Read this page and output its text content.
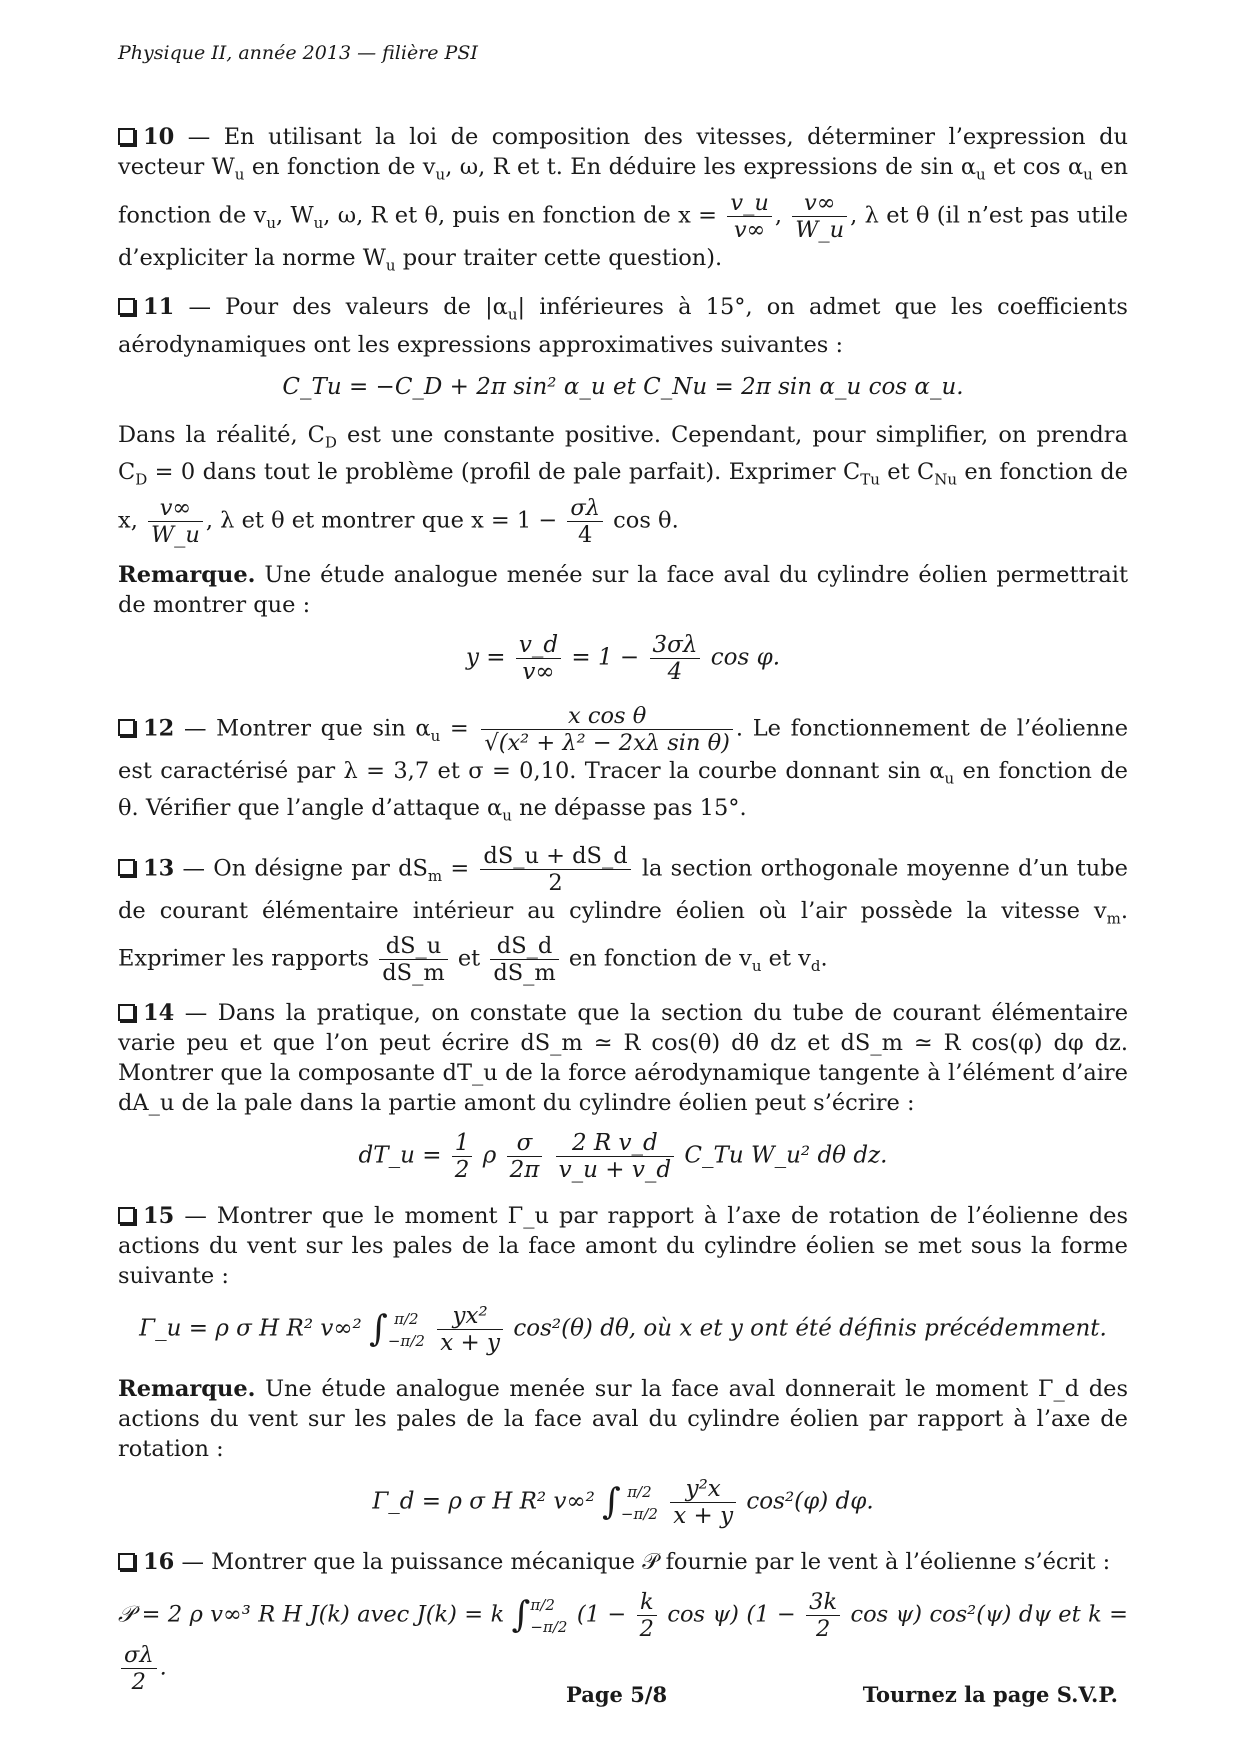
Physique II, année 2013 — filière PSI
10 — En utilisant la loi de composition des vitesses, déterminer l’expression du vecteur $W_u$ en fonction de $v_u$, ω, R et t. En déduire les expressions de $\sin \alpha_u$ et $\cos \alpha_u$ en fonction de $v_u$, $W_u$, ω, R et θ, puis en fonction de $x = \frac{v\_u}{v\infty}$ , $\frac{v\infty}{W\_u}$ , λ et θ (il n’est pas utile d’expliciter la norme $W_u$ pour traiter cette question).
11 — Pour des valeurs de $|\alpha_u|$ inférieures à 15°, on admet que les coefficients aérodynamiques ont les expressions approximatives suivantes :
C_Tu = −C_D + 2π sin² α_u et C_Nu = 2π sin α_u cos α_u.
Dans la réalité, $C_D$ est une constante positive. Cependant, pour simplifier, on prendra $C_D = 0$ dans tout le problème (profil de pale parfait). Exprimer $C_{Tu}$ et $C_{Nu}$ en fonction de x, $\frac{v\infty}{W\_u}$ , λ et θ et montrer que $x = 1 - \frac{\sigma\lambda}{4}$ cos θ.
Remarque. Une étude analogue menée sur la face aval du cylindre éolien permettrait de montrer que :
$y = \frac{v\_d}{v\infty} = 1 - \frac{3\sigma\lambda}{4}$ cos φ.
12 — Montrer que $\sin \alpha_u = \frac{\text{x cos θ}}{\text{√(x² + λ² − 2xλ sin θ)}}$ . Le fonctionnement de l’éolienne est caractérisé par λ = 3,7 et σ = 0,10. Tracer la courbe donnant $\sin \alpha_u$ en fonction de θ. Vérifier que l’angle d’attaque $\alpha_u$ ne dépasse pas 15°.
13 — On désigne par $dS_m = \frac{dS\_u + dS\_d}{2}$ la section orthogonale moyenne d’un tube de courant élémentaire intérieur au cylindre éolien où l’air possède la vitesse $v_m$. Exprimer les rapports $\frac{dS\_u}{dS\_m}$ et $\frac{dS\_d}{dS\_m}$ en fonction de $v_u$ et $v_d$.
14 — Dans la pratique, on constate que la section du tube de courant élémentaire varie peu et que l’on peut écrire dS_m ≃ R cos(θ) dθ dz et dS_m ≃ R cos(φ) dφ dz. Montrer que la composante dT_u de la force aérodynamique tangente à l’élément d’aire dA_u de la pale dans la partie amont du cylindre éolien peut s’écrire :
dT_u = $\frac{1}{2}$ ρ $\frac{\sigma}{2\pi}$
$\frac{\text{2 R v\_d}}{v\_u + v\_d}$ C_Tu W_u² dθ dz.
15 — Montrer que le moment Γ_u par rapport à l’axe de rotation de l’éolienne des actions du vent sur les pales de la face amont du cylindre éolien se met sous la forme suivante :
Γ_u = ρ σ H R² v∞² ∫ π/2
−π/2
$\frac{\text{yx²}}{x + y} \cos^2(\theta)$ dθ, où x et y ont été définis précédemment.
Remarque. Une étude analogue menée sur la face aval donnerait le moment Γ_d des actions du vent sur les pales de la face aval du cylindre éolien par rapport à l’axe de rotation :
Γ_d = ρ σ H R² v∞² ∫ π/2
−π/2
$\frac{\text{y²x}}{x + y} \cos^2(\varphi)$ dφ.
16 — Montrer que la puissance mécanique 𝒫 fournie par le vent à l’éolienne s’écrit :
𝒫 = 2 ρ v∞³ R H J(k) avec J(k) = k ∫ π/2
−π/2 ($1 - \frac{k}{2}$ cos ψ) ($1 - \frac{3k}{2}$ cos ψ) cos²(ψ) dψ et k =
$\frac{\sigma\lambda}{2}$ .
Page 5/8	Tournez la page S.V.P.
